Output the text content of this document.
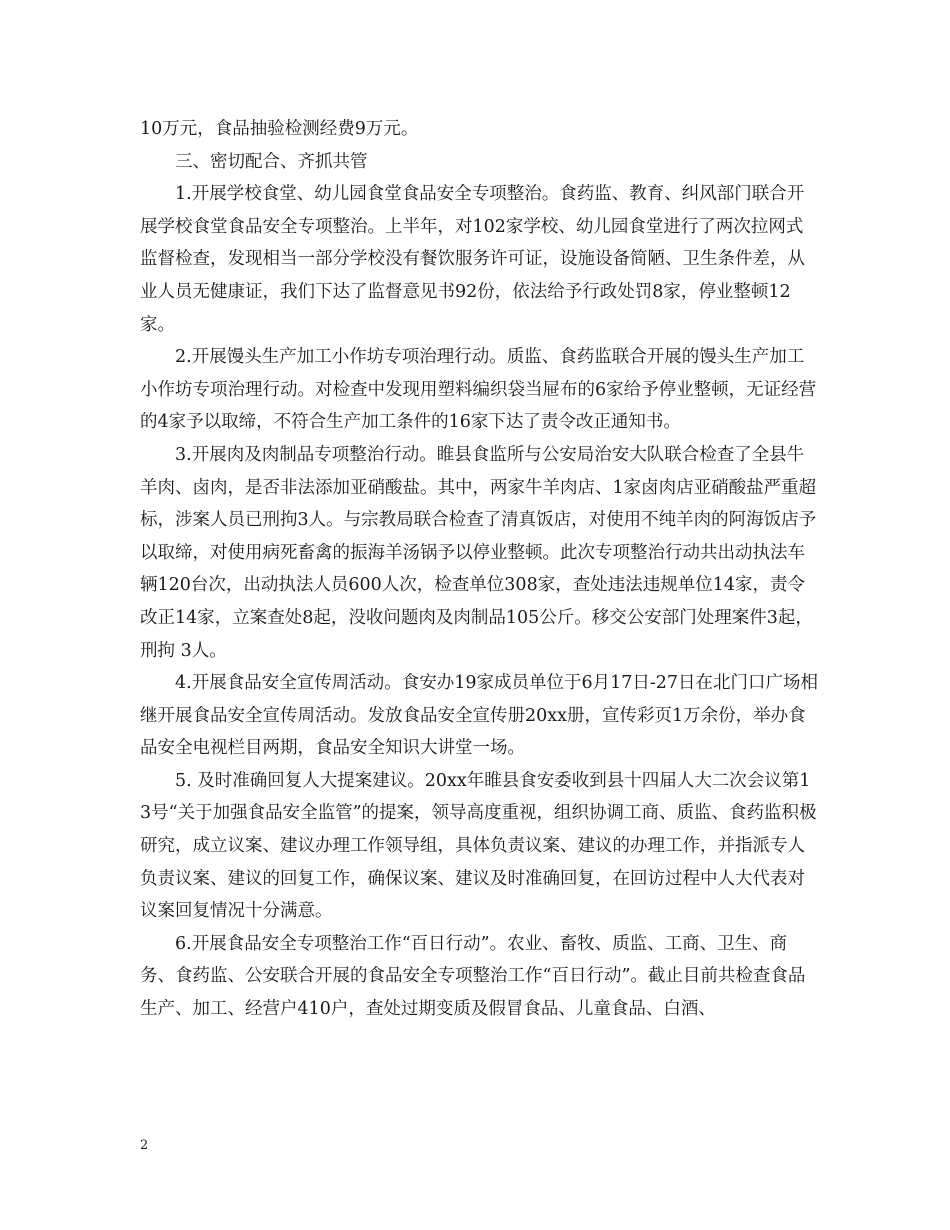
10万元，食品抽验检测经费9万元。

三、密切配合、齐抓共管

1.开展学校食堂、幼儿园食堂食品安全专项整治。食药监、教育、纠风部门联合开展学校食堂食品安全专项整治。上半年，对102家学校、幼儿园食堂进行了两次拉网式监督检查，发现相当一部分学校没有餐饮服务许可证，设施设备简陋、卫生条件差，从业人员无健康证，我们下达了监督意见书92份，依法给予行政处罚8家，停业整顿12家。

2.开展馒头生产加工小作坊专项治理行动。质监、食药监联合开展的馒头生产加工小作坊专项治理行动。对检查中发现用塑料编织袋当屉布的6家给予停业整顿，无证经营的4家予以取缔，不符合生产加工条件的16家下达了责令改正通知书。

3.开展肉及肉制品专项整治行动。睢县食监所与公安局治安大队联合检查了全县牛羊肉、卤肉，是否非法添加亚硝酸盐。其中，两家牛羊肉店、1家卤肉店亚硝酸盐严重超标，涉案人员已刑拘3人。与宗教局联合检查了清真饭店，对使用不纯羊肉的阿海饭店予以取缔，对使用病死畜禽的振海羊汤锅予以停业整顿。此次专项整治行动共出动执法车辆120台次，出动执法人员600人次，检查单位308家，查处违法违规单位14家，责令改正14家，立案查处8起，没收问题肉及肉制品105公斤。移交公安部门处理案件3起，刑拘 3人。

4.开展食品安全宣传周活动。食安办19家成员单位于6月17日-27日在北门口广场相继开展食品安全宣传周活动。发放食品安全宣传册20xx册，宣传彩页1万余份，举办食品安全电视栏目两期，食品安全知识大讲堂一场。

5. 及时准确回复人大提案建议。20xx年睢县食安委收到县十四届人大二次会议第13号“关于加强食品安全监管”的提案，领导高度重视，组织协调工商、质监、食药监积极研究，成立议案、建议办理工作领导组，具体负责议案、建议的办理工作，并指派专人负责议案、建议的回复工作，确保议案、建议及时准确回复，在回访过程中人大代表对议案回复情况十分满意。

6.开展食品安全专项整治工作“百日行动”。农业、畜牧、质监、工商、卫生、商务、食药监、公安联合开展的食品安全专项整治工作“百日行动”。截止目前共检查食品生产、加工、经营户410户，查处过期变质及假冒食品、儿童食品、白酒、

2
